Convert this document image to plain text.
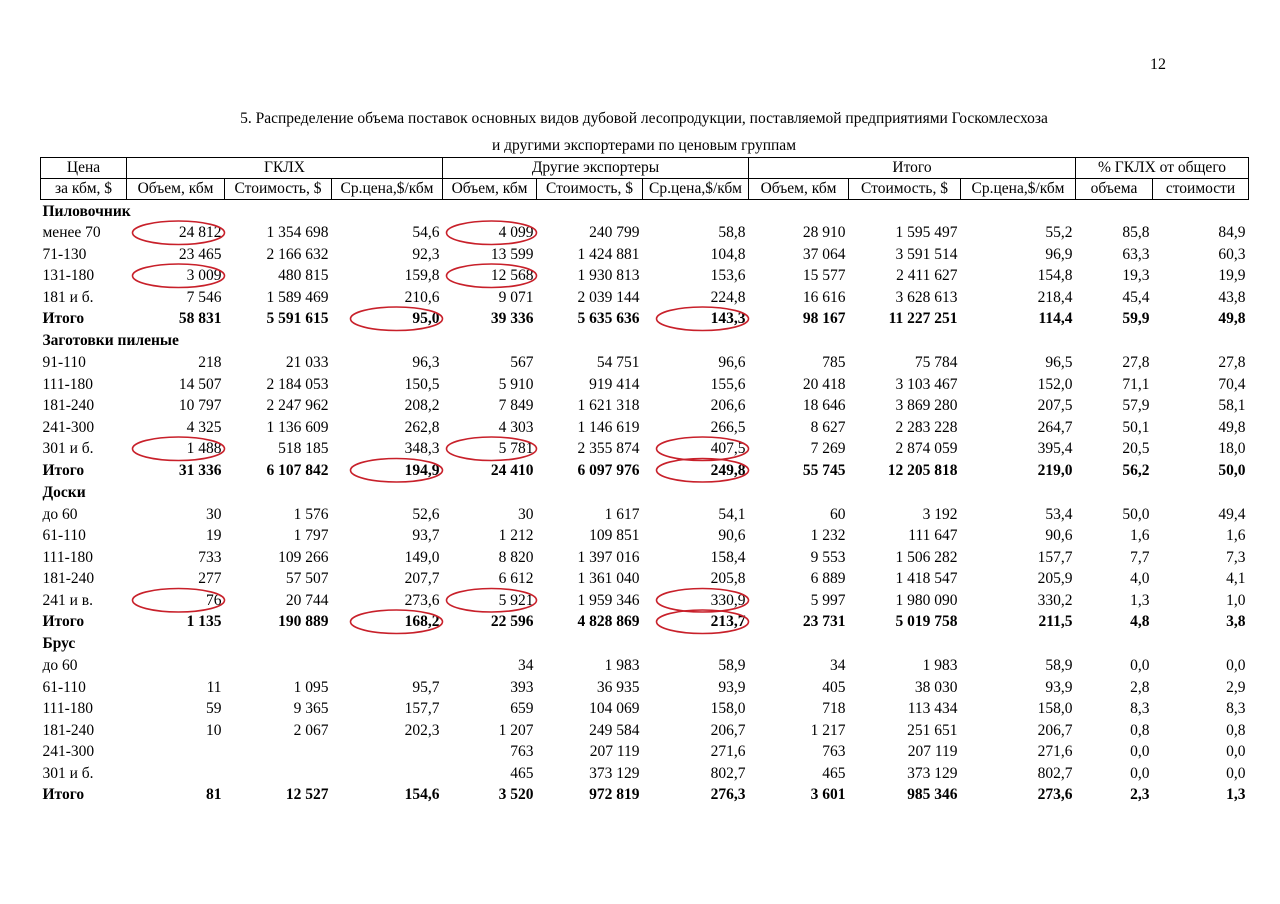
12
5. Распределение объема поставок основных видов дубовой лесопродукции, поставляемой предприятиями Госкомлесхоза
и другими экспортерами по ценовым группам
Цена	ГКЛХ			Другие экспортеры			Итого			% ГКЛХ от общего	
за кбм, $	Объем, кбм	Стоимость, $	Ср.цена,$/кбм	Объем, кбм	Стоимость, $	Ср.цена,$/кбм	Объем, кбм	Стоимость, $	Ср.цена,$/кбм	объема	стоимости
Пиловочник											
менее 70	24 812	1 354 698	54,6	4 099	240 799	58,8	28 910	1 595 497	55,2	85,8	84,9
71-130	23 465	2 166 632	92,3	13 599	1 424 881	104,8	37 064	3 591 514	96,9	63,3	60,3
131-180	3 009	480 815	159,8	12 568	1 930 813	153,6	15 577	2 411 627	154,8	19,3	19,9
181 и б.	7 546	1 589 469	210,6	9 071	2 039 144	224,8	16 616	3 628 613	218,4	45,4	43,8
Итого	58 831	5 591 615	95,0	39 336	5 635 636	143,3	98 167	11 227 251	114,4	59,9	49,8
Заготовки пиленые											
91-110	218	21 033	96,3	567	54 751	96,6	785	75 784	96,5	27,8	27,8
111-180	14 507	2 184 053	150,5	5 910	919 414	155,6	20 418	3 103 467	152,0	71,1	70,4
181-240	10 797	2 247 962	208,2	7 849	1 621 318	206,6	18 646	3 869 280	207,5	57,9	58,1
241-300	4 325	1 136 609	262,8	4 303	1 146 619	266,5	8 627	2 283 228	264,7	50,1	49,8
301 и б.	1 488	518 185	348,3	5 781	2 355 874	407,5	7 269	2 874 059	395,4	20,5	18,0
Итого	31 336	6 107 842	194,9	24 410	6 097 976	249,8	55 745	12 205 818	219,0	56,2	50,0
Доски											
до 60	30	1 576	52,6	30	1 617	54,1	60	3 192	53,4	50,0	49,4
61-110	19	1 797	93,7	1 212	109 851	90,6	1 232	111 647	90,6	1,6	1,6
111-180	733	109 266	149,0	8 820	1 397 016	158,4	9 553	1 506 282	157,7	7,7	7,3
181-240	277	57 507	207,7	6 612	1 361 040	205,8	6 889	1 418 547	205,9	4,0	4,1
241 и в.	76	20 744	273,6	5 921	1 959 346	330,9	5 997	1 980 090	330,2	1,3	1,0
Итого	1 135	190 889	168,2	22 596	4 828 869	213,7	23 731	5 019 758	211,5	4,8	3,8
Брус											
до 60				34	1 983	58,9	34	1 983	58,9	0,0	0,0
61-110	11	1 095	95,7	393	36 935	93,9	405	38 030	93,9	2,8	2,9
111-180	59	9 365	157,7	659	104 069	158,0	718	113 434	158,0	8,3	8,3
181-240	10	2 067	202,3	1 207	249 584	206,7	1 217	251 651	206,7	0,8	0,8
241-300				763	207 119	271,6	763	207 119	271,6	0,0	0,0
301 и б.				465	373 129	802,7	465	373 129	802,7	0,0	0,0
Итого	81	12 527	154,6	3 520	972 819	276,3	3 601	985 346	273,6	2,3	1,3
